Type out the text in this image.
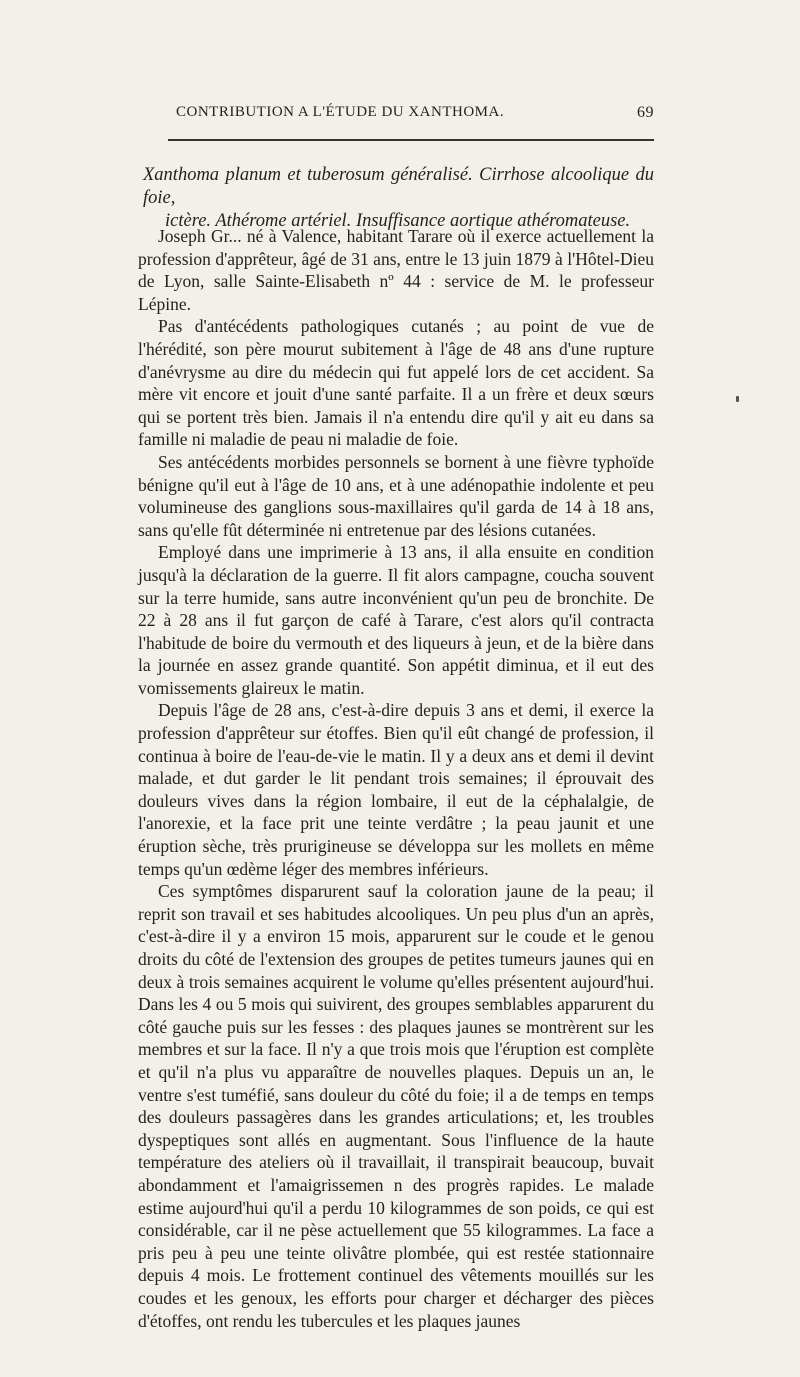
CONTRIBUTION A L'ÉTUDE DU XANTHOMA.	69
Xanthoma planum et tuberosum généralisé. Cirrhose alcoolique du foie,
ictère. Athérome artériel. Insuffisance aortique athéromateuse.

Joseph Gr... né à Valence, habitant Tarare où il exerce actuellement la profession d'apprêteur, âgé de 31 ans, entre le 13 juin 1879 à l'Hôtel-Dieu de Lyon, salle Sainte-Elisabeth nº 44 : service de M. le professeur Lépine.

Pas d'antécédents pathologiques cutanés ; au point de vue de l'hérédité, son père mourut subitement à l'âge de 48 ans d'une rupture d'anévrysme au dire du médecin qui fut appelé lors de cet accident. Sa mère vit encore et jouit d'une santé parfaite. Il a un frère et deux sœurs qui se portent très bien. Jamais il n'a entendu dire qu'il y ait eu dans sa famille ni maladie de peau ni maladie de foie.

Ses antécédents morbides personnels se bornent à une fièvre typhoïde bénigne qu'il eut à l'âge de 10 ans, et à une adénopathie indolente et peu volumineuse des ganglions sous-maxillaires qu'il garda de 14 à 18 ans, sans qu'elle fût déterminée ni entretenue par des lésions cutanées.

Employé dans une imprimerie à 13 ans, il alla ensuite en condition jusqu'à la déclaration de la guerre. Il fit alors campagne, coucha souvent sur la terre humide, sans autre inconvénient qu'un peu de bronchite. De 22 à 28 ans il fut garçon de café à Tarare, c'est alors qu'il contracta l'habitude de boire du vermouth et des liqueurs à jeun, et de la bière dans la journée en assez grande quantité. Son appétit diminua, et il eut des vomissements glaireux le matin.

Depuis l'âge de 28 ans, c'est-à-dire depuis 3 ans et demi, il exerce la profession d'apprêteur sur étoffes. Bien qu'il eût changé de profession, il continua à boire de l'eau-de-vie le matin. Il y a deux ans et demi il devint malade, et dut garder le lit pendant trois semaines; il éprouvait des douleurs vives dans la région lombaire, il eut de la céphalalgie, de l'anorexie, et la face prit une teinte verdâtre ; la peau jaunit et une éruption sèche, très prurigineuse se développa sur les mollets en même temps qu'un œdème léger des membres inférieurs.

Ces symptômes disparurent sauf la coloration jaune de la peau; il reprit son travail et ses habitudes alcooliques. Un peu plus d'un an après, c'est-à-dire il y a environ 15 mois, apparurent sur le coude et le genou droits du côté de l'extension des groupes de petites tumeurs jaunes qui en deux à trois semaines acquirent le volume qu'elles présentent aujourd'hui. Dans les 4 ou 5 mois qui suivirent, des groupes semblables apparurent du côté gauche puis sur les fesses : des plaques jaunes se montrèrent sur les membres et sur la face. Il n'y a que trois mois que l'éruption est complète et qu'il n'a plus vu apparaître de nouvelles plaques. Depuis un an, le ventre s'est tuméfié, sans douleur du côté du foie; il a de temps en temps des douleurs passagères dans les grandes articulations; et, les troubles dyspeptiques sont allés en augmentant. Sous l'influence de la haute température des ateliers où il travaillait, il transpirait beaucoup, buvait abondamment et l'amaigrissemen n des progrès rapides. Le malade estime aujourd'hui qu'il a perdu 10 kilogrammes de son poids, ce qui est considérable, car il ne pèse actuellement que 55 kilogrammes. La face a pris peu à peu une teinte olivâtre plombée, qui est restée stationnaire depuis 4 mois. Le frottement continuel des vêtements mouillés sur les coudes et les genoux, les efforts pour charger et décharger des pièces d'étoffes, ont rendu les tubercules et les plaques jaunes
